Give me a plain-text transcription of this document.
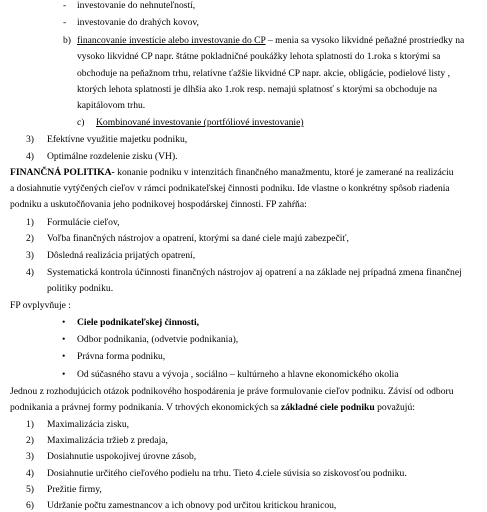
- investovanie do nehnuteľností,
- investovanie do drahých kovov,
b) financovanie investície alebo investovanie do CP – menia sa vysoko likvidné peňažné prostriedky na
vysoko likvidné CP napr. štátne pokladničné poukážky lehota splatnosti do 1.roka s ktorými sa
obchoduje na peňažnom trhu, relatívne ťažšie likvidné CP napr. akcie, obligácie, podielové listy ,
ktorých lehota splatnosti je dlhšia ako 1.rok resp. nemajú splatnosť s ktorými sa obchoduje na
kapitálovom trhu.
c) Kombinované investovanie (portfóliové investovanie)
3) Efektívne využitie majetku podniku,
4) Optimálne rozdelenie zisku (VH).
FINANČNÁ POLITIKA- konanie podniku v intenzitách finančného manažmentu, ktoré je zamerané na realizáciu
a dosiahnutie vytýčených cieľov v rámci podnikateľskej činnosti podniku. Ide vlastne o konkrétny spôsob riadenia
podniku a uskutočňovania jeho podnikovej hospodárskej činnosti. FP zahŕňa:
1) Formulácie cieľov,
2) Voľba finančných nástrojov a opatrení, ktorými sa dané ciele majú zabezpečiť,
3) Dôsledná realizácia prijatých opatrení,
4) Systematická kontrola účinnosti finančných nástrojov aj opatrení a na základe nej prípadná zmena finančnej
politiky podniku.
FP ovplyvňuje :
• Ciele podnikateľskej činnosti,
• Odbor podnikania, (odvetvie podnikania),
• Právna forma podniku,
• Od súčasného stavu a vývoja , sociálno – kultúrneho a hlavne ekonomického okolia
Jednou z rozhodujúcich otázok podnikového hospodárenia je práve formulovanie cieľov podniku. Závisí od odboru
podnikania a právnej formy podnikania. V trhových ekonomických sa základné ciele podniku považujú:
1) Maximalizácia zisku,
2) Maximalizácia tržieb z predaja,
3) Dosiahnutie uspokojivej úrovne zásob,
4) Dosiahnutie určitého cieľového podielu na trhu. Tieto 4.ciele súvisia so ziskovosťou podniku.
5) Prežitie firmy,
6) Udržanie počtu zamestnancov a ich obnovy pod určitou kritickou hranicou,
